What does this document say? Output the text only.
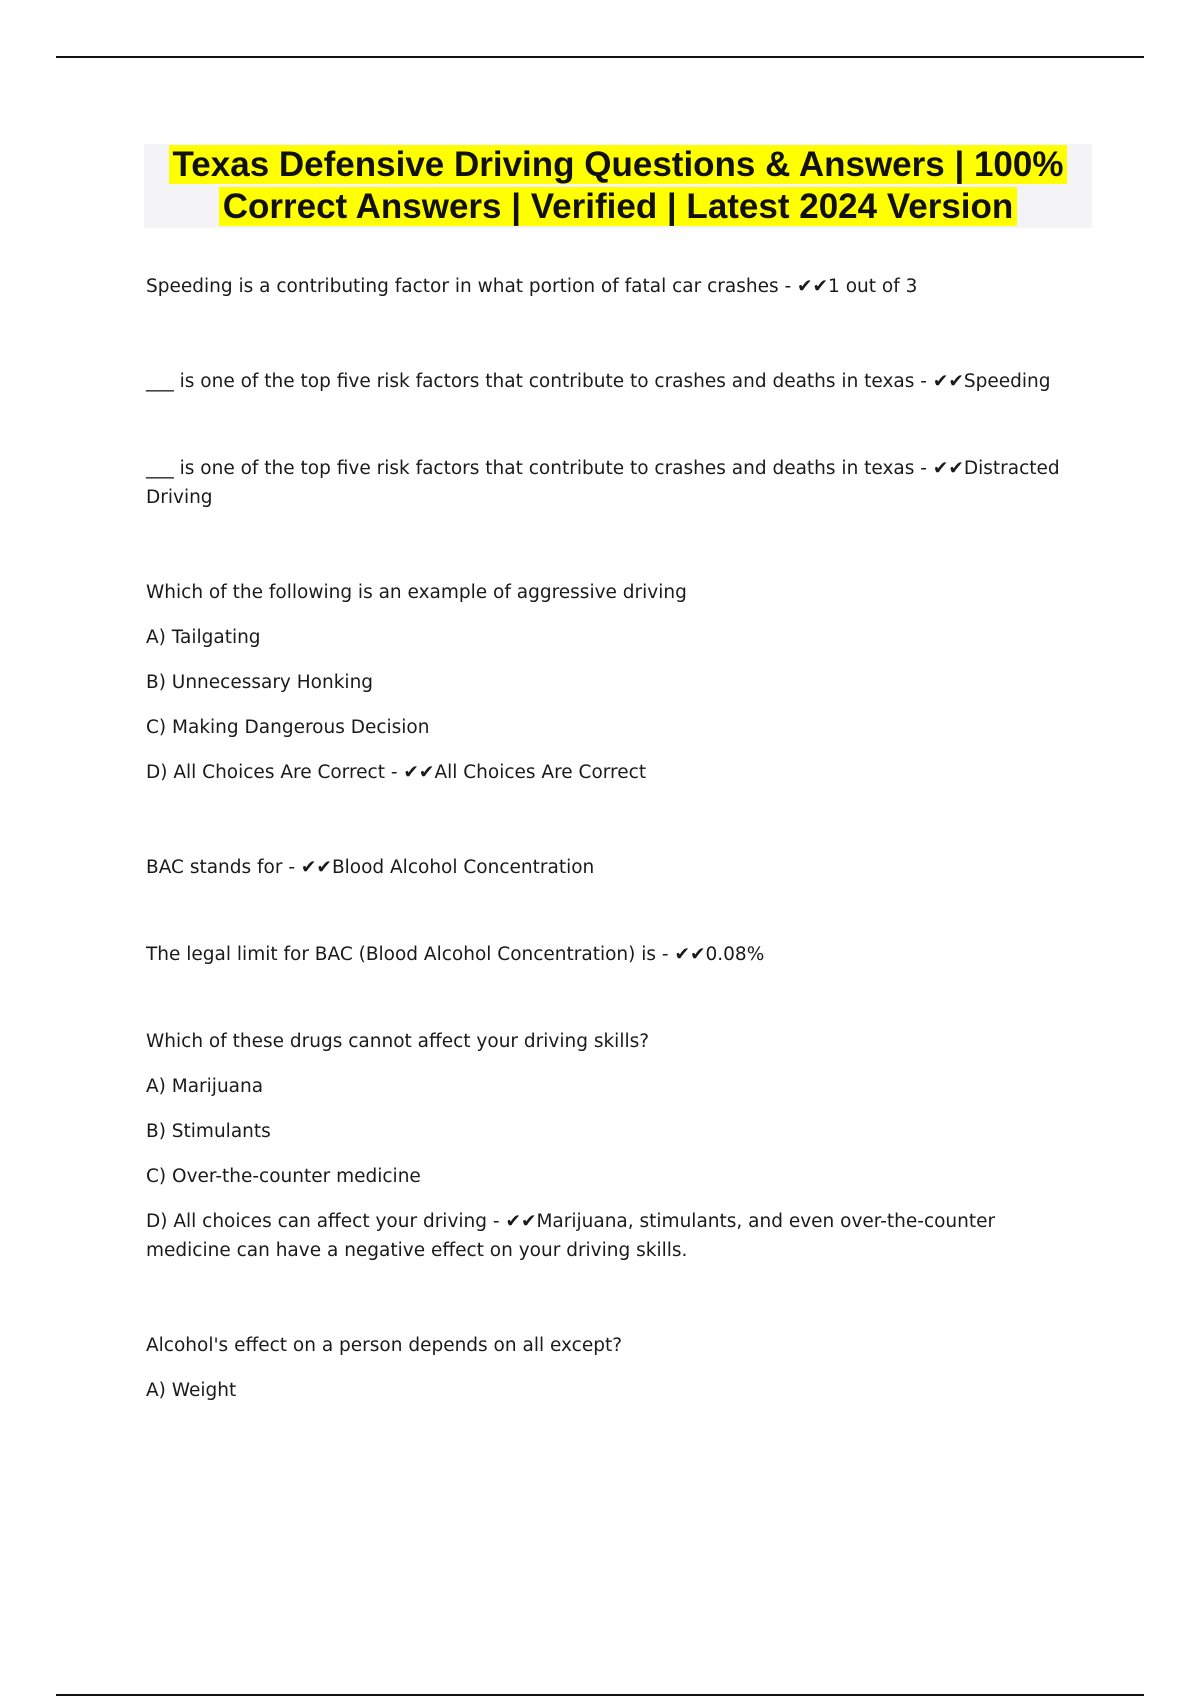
Texas Defensive Driving Questions & Answers | 100%
Correct Answers | Verified | Latest 2024 Version

Speeding is a contributing factor in what portion of fatal car crashes - ✔✔1 out of 3

___ is one of the top five risk factors that contribute to crashes and deaths in texas - ✔✔Speeding

___ is one of the top five risk factors that contribute to crashes and deaths in texas - ✔✔Distracted Driving

Which of the following is an example of aggressive driving

A) Tailgating

B) Unnecessary Honking

C) Making Dangerous Decision

D) All Choices Are Correct - ✔✔All Choices Are Correct

BAC stands for - ✔✔Blood Alcohol Concentration

The legal limit for BAC (Blood Alcohol Concentration) is - ✔✔0.08%

Which of these drugs cannot affect your driving skills?

A) Marijuana

B) Stimulants

C) Over-the-counter medicine

D) All choices can affect your driving - ✔✔Marijuana, stimulants, and even over-the-counter medicine can have a negative effect on your driving skills.

Alcohol's effect on a person depends on all except?

A) Weight
